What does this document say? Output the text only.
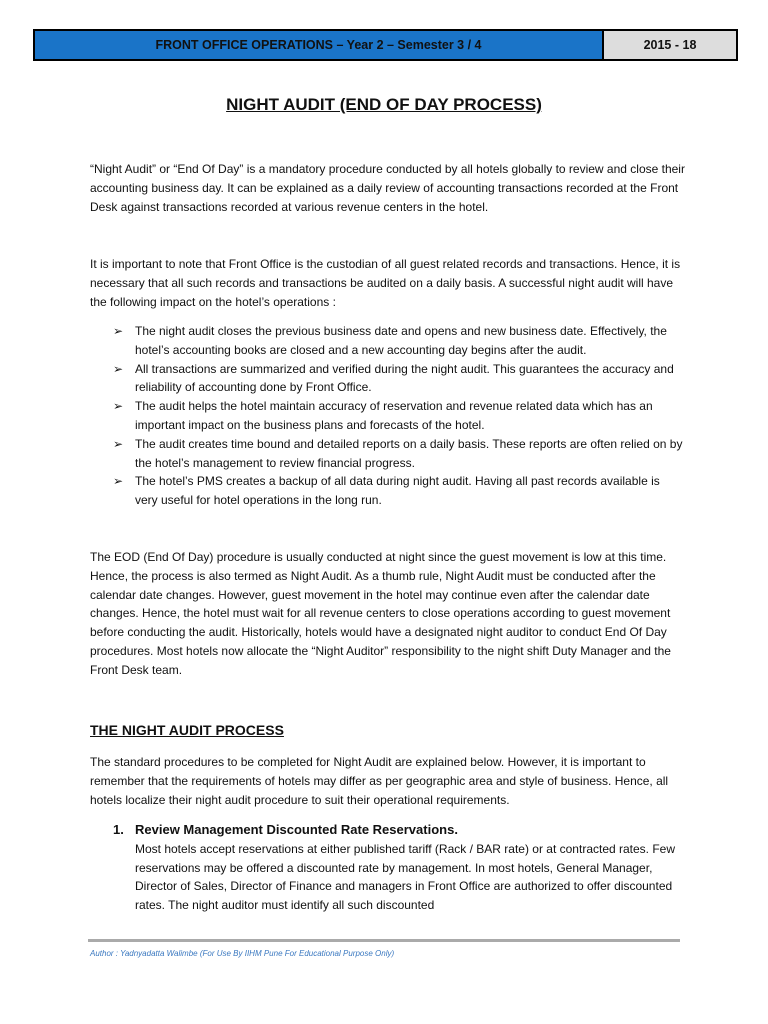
FRONT OFFICE OPERATIONS – Year 2 – Semester 3 / 4	2015 - 18
NIGHT AUDIT (END OF DAY PROCESS)

“Night Audit” or “End Of Day” is a mandatory procedure conducted by all hotels globally to review and close their accounting business day. It can be explained as a daily review of accounting transactions recorded at the Front Desk against transactions recorded at various revenue centers in the hotel.

It is important to note that Front Office is the custodian of all guest related records and transactions. Hence, it is necessary that all such records and transactions be audited on a daily basis. A successful night audit will have the following impact on the hotel’s operations :

➢ The night audit closes the previous business date and opens and new business date. Effectively, the hotel’s accounting books are closed and a new accounting day begins after the audit.
➢ All transactions are summarized and verified during the night audit. This guarantees the accuracy and reliability of accounting done by Front Office.
➢ The audit helps the hotel maintain accuracy of reservation and revenue related data which has an important impact on the business plans and forecasts of the hotel.
➢ The audit creates time bound and detailed reports on a daily basis. These reports are often relied on by the hotel’s management to review financial progress.
➢ The hotel’s PMS creates a backup of all data during night audit. Having all past records available is very useful for hotel operations in the long run.

The EOD (End Of Day) procedure is usually conducted at night since the guest movement is low at this time. Hence, the process is also termed as Night Audit. As a thumb rule, Night Audit must be conducted after the calendar date changes. However, guest movement in the hotel may continue even after the calendar date changes. Hence, the hotel must wait for all revenue centers to close operations according to guest movement before conducting the audit. Historically, hotels would have a designated night auditor to conduct End Of Day procedures. Most hotels now allocate the “Night Auditor” responsibility to the night shift Duty Manager and the Front Desk team.

THE NIGHT AUDIT PROCESS

The standard procedures to be completed for Night Audit are explained below. However, it is important to remember that the requirements of hotels may differ as per geographic area and style of business. Hence, all hotels localize their night audit procedure to suit their operational requirements.

1. Review Management Discounted Rate Reservations.
Most hotels accept reservations at either published tariff (Rack / BAR rate) or at contracted rates. Few reservations may be offered a discounted rate by management. In most hotels, General Manager, Director of Sales, Director of Finance and managers in Front Office are authorized to offer discounted rates. The night auditor must identify all such discounted
Author : Yadnyadatta Walimbe (For Use By IIHM Pune For Educational Purpose Only)
